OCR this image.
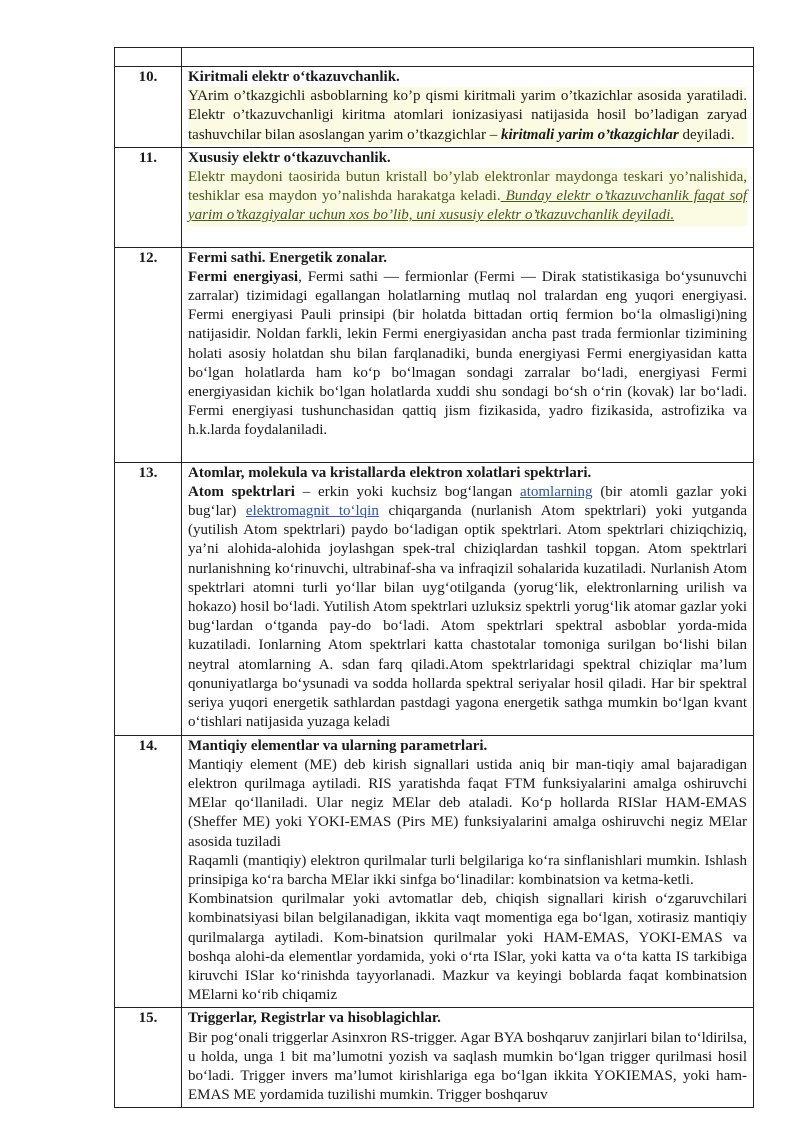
10.	Kiritmali elektr o‘tkazuvchanlik.

YArim o’tkazgichli asboblarning ko’p qismi kiritmali yarim o’tkazichlar asosida yaratiladi. Elektr o’tkazuvchanligi kiritma atomlari ionizasiyasi natijasida hosil bo’ladigan zaryad tashuvchilar bilan asoslangan yarim o’tkazgichlar – kiritmali yarim o’tkazgichlar deyiladi.

11.	Xususiy elektr o‘tkazuvchanlik.

Elektr maydoni taosirida butun kristall bo’ylab elektronlar maydonga teskari yo’nalishida, teshiklar esa maydon yo’nalishda harakatga keladi. Bunday elektr o’tkazuvchanlik faqat sof yarim o’tkazgiyalar uchun xos bo’lib, uni xususiy elektr o’tkazuvchanlik deyiladi.

12.	Fermi sathi. Energetik zonalar.

Fermi energiyasi, Fermi sathi — fermionlar (Fermi — Dirak statistikasiga bo‘ysunuvchi zarralar) tizimidagi egallangan holatlarning mutlaq nol tralardan eng yuqori energiyasi. Fermi energiyasi Pauli prinsipi (bir holatda bittadan ortiq fermion bo‘la olmasligi)ning natijasidir. Noldan farkli, lekin Fermi energiyasidan ancha past trada fermionlar tizimining holati asosiy holatdan shu bilan farqlanadiki, bunda energiyasi Fermi energiyasidan katta bo‘lgan holatlarda ham ko‘p bo‘lmagan sondagi zarralar bo‘ladi, energiyasi Fermi energiyasidan kichik bo‘lgan holatlarda xuddi shu sondagi bo‘sh o‘rin (kovak) lar bo‘ladi. Fermi energiyasi tushunchasidan qattiq jism fizikasida, yadro fizikasida, astrofizika va h.k.larda foydalaniladi.

13.	Atomlar, molekula va kristallarda elektron xolatlari spektrlari.

Atom spektrlari – erkin yoki kuchsiz bog‘langan atomlarning (bir atomli gazlar yoki bug‘lar) elektromagnit to‘lqin chiqarganda (nurlanish Atom spektrlari) yoki yutganda (yutilish Atom spektrlari) paydo bo‘ladigan optik spektrlari. Atom spektrlari chiziqchiziq, ya’ni alohida-alohida joylashgan spek-tral chiziqlardan tashkil topgan. Atom spektrlari nurlanishning ko‘rinuvchi, ultrabinaf-sha va infraqizil sohalarida kuzatiladi. Nurlanish Atom spektrlari atomni turli yo‘llar bilan uyg‘otilganda (yorug‘lik, elektronlarning urilish va hokazo) hosil bo‘ladi. Yutilish Atom spektrlari uzluksiz spektrli yorug‘lik atomar gazlar yoki bug‘lardan o‘tganda pay-do bo‘ladi. Atom spektrlari spektral asboblar yorda-mida kuzatiladi. Ionlarning Atom spektrlari katta chastotalar tomoniga surilgan bo‘lishi bilan neytral atomlarning A. sdan farq qiladi.Atom spektrlaridagi spektral chiziqlar ma’lum qonuniyatlarga bo‘ysunadi va sodda hollarda spektral seriyalar hosil qiladi. Har bir spektral seriya yuqori energetik sathlardan pastdagi yagona energetik sathga mumkin bo‘lgan kvant o‘tishlari natijasida yuzaga keladi

14.	Mantiqiy elementlar va ularning parametrlari.

Mantiqiy element (ME) deb kirish signallari ustida aniq bir man-tiqiy amal bajaradigan elektron qurilmaga aytiladi. RIS yaratishda faqat FTM funksiyalarini amalga oshiruvchi MElar qo‘llaniladi. Ular negiz MElar deb ataladi. Ko‘p hollarda RISlar HAM-EMAS (Sheffer ME) yoki YOKI-EMAS (Pirs ME) funksiyalarini amalga oshiruvchi negiz MElar asosida tuziladi

Raqamli (mantiqiy) elektron qurilmalar turli belgilariga ko‘ra sinflanishlari mumkin. Ishlash prinsipiga ko‘ra barcha MElar ikki sinfga bo‘linadilar: kombinatsion va ketma-ketli.

Kombinatsion qurilmalar yoki avtomatlar deb, chiqish signallari kirish o‘zgaruvchilari kombinatsiyasi bilan belgilanadigan, ikkita vaqt momentiga ega bo‘lgan, xotirasiz mantiqiy qurilmalarga aytiladi. Kom-binatsion qurilmalar yoki HAM-EMAS, YOKI-EMAS va boshqa alohi-da elementlar yordamida, yoki o‘rta ISlar, yoki katta va o‘ta katta IS tarkibiga kiruvchi ISlar ko‘rinishda tayyorlanadi. Mazkur va keyingi boblarda faqat kombinatsion MElarni ko‘rib chiqamiz

15.	Triggerlar, Registrlar va hisoblagichlar.

Bir pog‘onali triggerlar Asinxron RS-trigger. Agar BYA boshqaruv zanjirlari bilan to‘ldirilsa, u holda, unga 1 bit ma’lumotni yozish va saqlash mumkin bo‘lgan trigger qurilmasi hosil bo‘ladi. Trigger invers ma’lumot kirishlariga ega bo‘lgan ikkita YOKIEMAS, yoki ham-EMAS ME yordamida tuzilishi mumkin. Trigger boshqaruv
